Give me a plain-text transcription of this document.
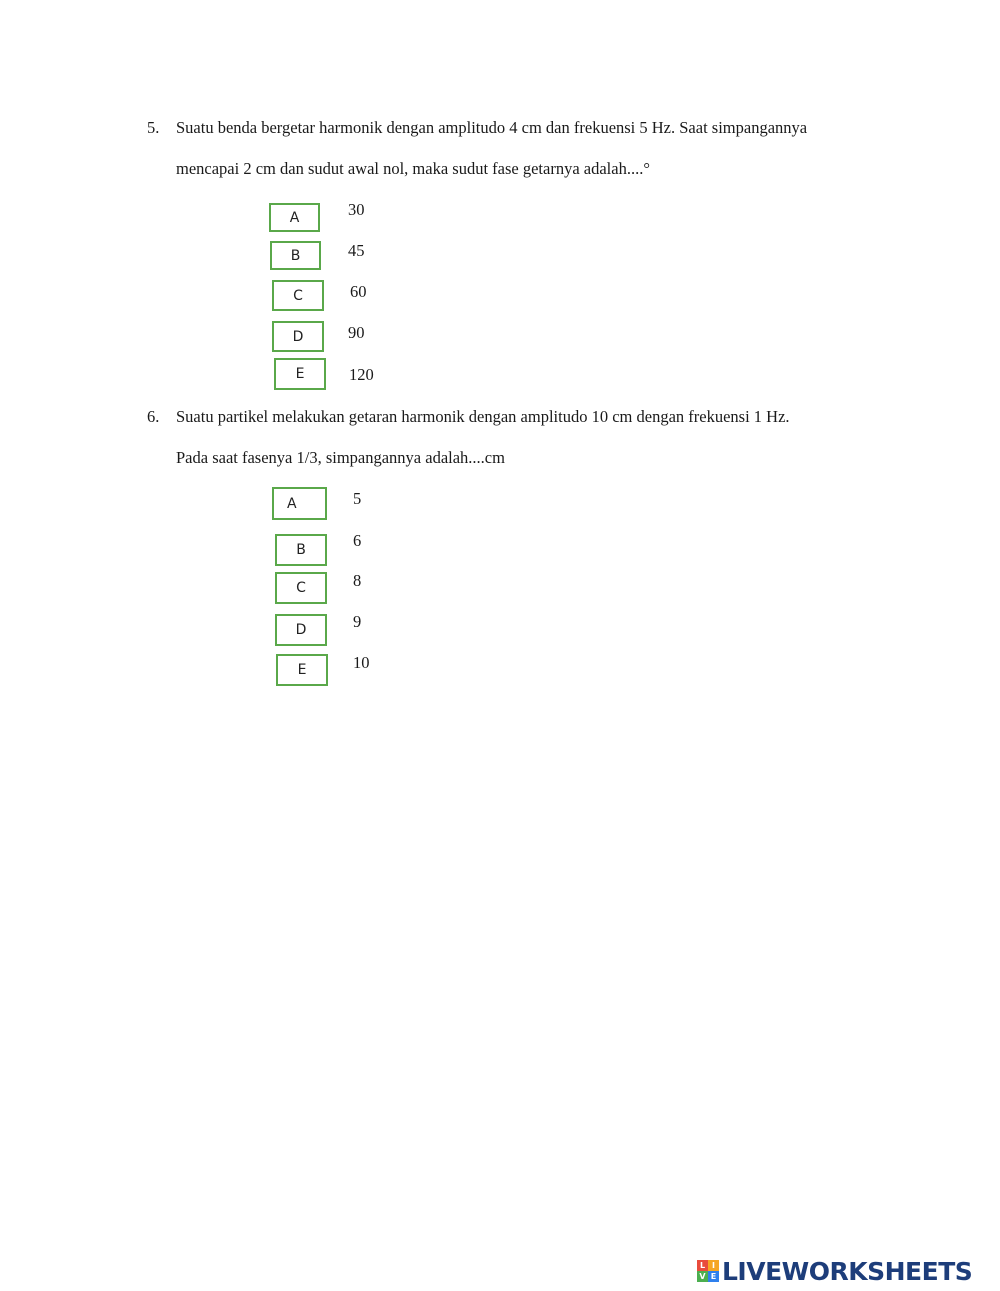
5. Suatu benda bergetar harmonik dengan amplitudo 4 cm dan frekuensi 5 Hz. Saat simpangannya
mencapai 2 cm dan sudut awal nol, maka sudut fase getarnya adalah....°
A	30
B	45
C	60
D	90
E	120
6. Suatu partikel melakukan getaran harmonik dengan amplitudo 10 cm dengan frekuensi 1 Hz.
Pada saat fasenya 1/3, simpangannya adalah....cm
A	5
B	6
C	8
D	9
E	10
L I
V E LIVEWORKSHEETS
